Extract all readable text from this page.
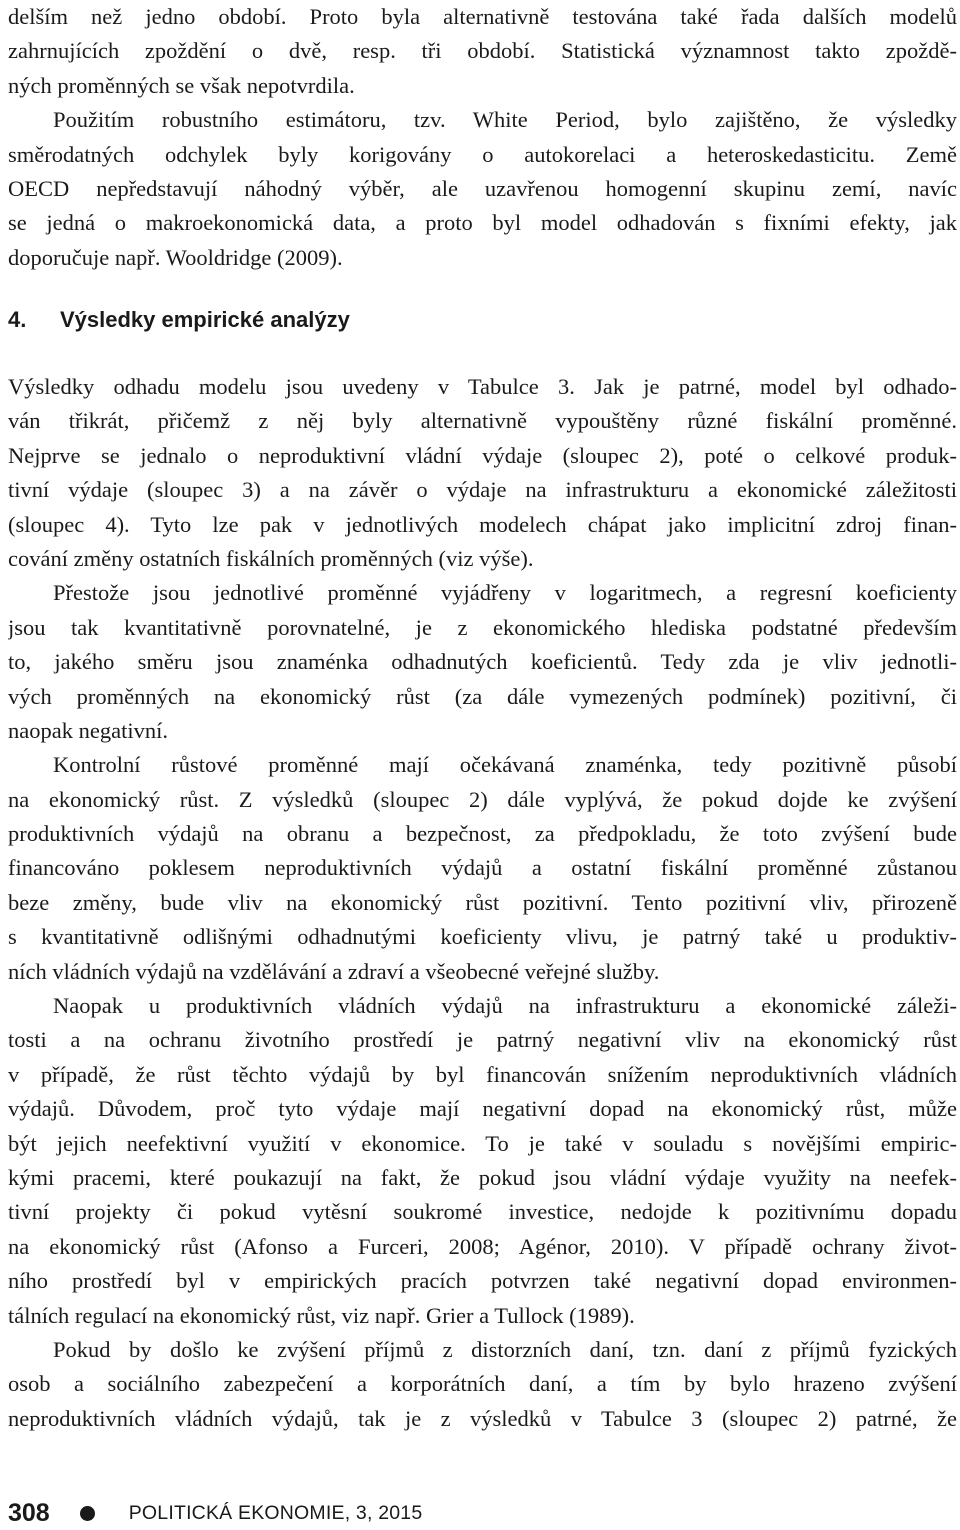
delším než jedno období. Proto byla alternativně testována také řada dalších modelů
zahrnujících zpoždění o dvě, resp. tři období. Statistická významnost takto zpoždě-
ných proměnných se však nepotvrdila.
Použitím robustního estimátoru, tzv. White Period, bylo zajištěno, že výsledky
směrodatných odchylek byly korigovány o autokorelaci a heteroskedasticitu. Země
OECD nepředstavují náhodný výběr, ale uzavřenou homogenní skupinu zemí, navíc
se jedná o makroekonomická data, a proto byl model odhadován s fixními efekty, jak
doporučuje např. Wooldridge (2009).
4. Výsledky empirické analýzy
Výsledky odhadu modelu jsou uvedeny v Tabulce 3. Jak je patrné, model byl odhado-
ván třikrát, přičemž z něj byly alternativně vypouštěny různé fiskální proměnné.
Nejprve se jednalo o neproduktivní vládní výdaje (sloupec 2), poté o celkové produk-
tivní výdaje (sloupec 3) a na závěr o výdaje na infrastrukturu a ekonomické záležitosti
(sloupec 4). Tyto lze pak v jednotlivých modelech chápat jako implicitní zdroj finan-
cování změny ostatních fiskálních proměnných (viz výše).
Přestože jsou jednotlivé proměnné vyjádřeny v logaritmech, a regresní koeficienty
jsou tak kvantitativně porovnatelné, je z ekonomického hlediska podstatné především
to, jakého směru jsou znaménka odhadnutých koeficientů. Tedy zda je vliv jednotli-
vých proměnných na ekonomický růst (za dále vymezených podmínek) pozitivní, či
naopak negativní.
Kontrolní růstové proměnné mají očekávaná znaménka, tedy pozitivně působí
na ekonomický růst. Z výsledků (sloupec 2) dále vyplývá, že pokud dojde ke zvýšení
produktivních výdajů na obranu a bezpečnost, za předpokladu, že toto zvýšení bude
financováno poklesem neproduktivních výdajů a ostatní fiskální proměnné zůstanou
beze změny, bude vliv na ekonomický růst pozitivní. Tento pozitivní vliv, přirozeně
s kvantitativně odlišnými odhadnutými koeficienty vlivu, je patrný také u produktiv-
ních vládních výdajů na vzdělávání a zdraví a všeobecné veřejné služby.
Naopak u produktivních vládních výdajů na infrastrukturu a ekonomické záleži-
tosti a na ochranu životního prostředí je patrný negativní vliv na ekonomický růst
v případě, že růst těchto výdajů by byl financován snížením neproduktivních vládních
výdajů. Důvodem, proč tyto výdaje mají negativní dopad na ekonomický růst, může
být jejich neefektivní využití v ekonomice. To je také v souladu s novějšími empiric-
kými pracemi, které poukazují na fakt, že pokud jsou vládní výdaje využity na neefek-
tivní projekty či pokud vytěsní soukromé investice, nedojde k pozitivnímu dopadu
na ekonomický růst (Afonso a Furceri, 2008; Agénor, 2010). V případě ochrany život-
ního prostředí byl v empirických pracích potvrzen také negativní dopad environmen-
tálních regulací na ekonomický růst, viz např. Grier a Tullock (1989).
Pokud by došlo ke zvýšení příjmů z distorzních daní, tzn. daní z příjmů fyzických
osob a sociálního zabezpečení a korporátních daní, a tím by bylo hrazeno zvýšení
neproduktivních vládních výdajů, tak je z výsledků v Tabulce 3 (sloupec 2) patrné, že
308	POLITICKÁ EKONOMIE, 3, 2015
